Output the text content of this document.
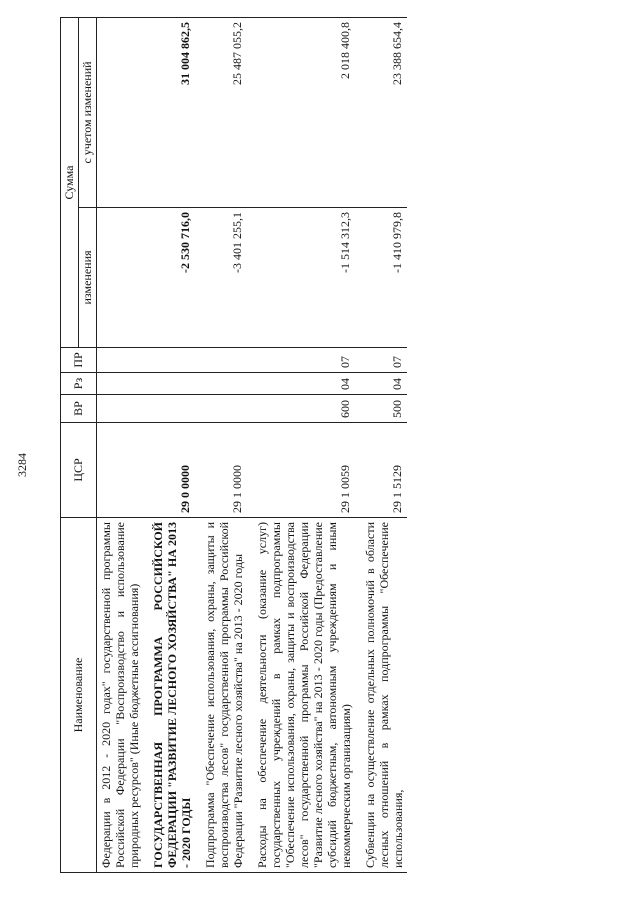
3284
Наименование	ЦСР	ВР	Рз	ПР	Сумма	
					изменения	с учетом изменений
Федерации в 2012 - 2020 годах" государственной программы Российской Федерации "Воспроизводство и использование природных ресурсов" (Иные бюджетные ассигнования)						
ГОСУДАРСТВЕННАЯ ПРОГРАММА РОССИЙСКОЙ ФЕДЕРАЦИИ "РАЗВИТИЕ ЛЕСНОГО ХОЗЯЙСТВА" НА 2013 - 2020 ГОДЫ	29 0 0000				-2 530 716,0	31 004 862,5
Подпрограмма "Обеспечение использования, охраны, защиты и воспроизводства лесов" государственной программы Российской Федерации "Развитие лесного хозяйства" на 2013 - 2020 годы	29 1 0000				-3 401 255,1	25 487 055,2
Расходы на обеспечение деятельности (оказание услуг) государственных учреждений в рамках подпрограммы "Обеспечение использования, охраны, защиты и воспроизводства лесов" государственной программы Российской Федерации "Развитие лесного хозяйства" на 2013 - 2020 годы (Предоставление субсидий бюджетным, автономным учреждениям и иным некоммерческим организациям)	29 1 0059	600	04	07	-1 514 312,3	2 018 400,8
Субвенции на осуществление отдельных полномочий в области лесных отношений в рамках подпрограммы "Обеспечение использования,	29 1 5129	500	04	07	-1 410 979,8	23 388 654,4
